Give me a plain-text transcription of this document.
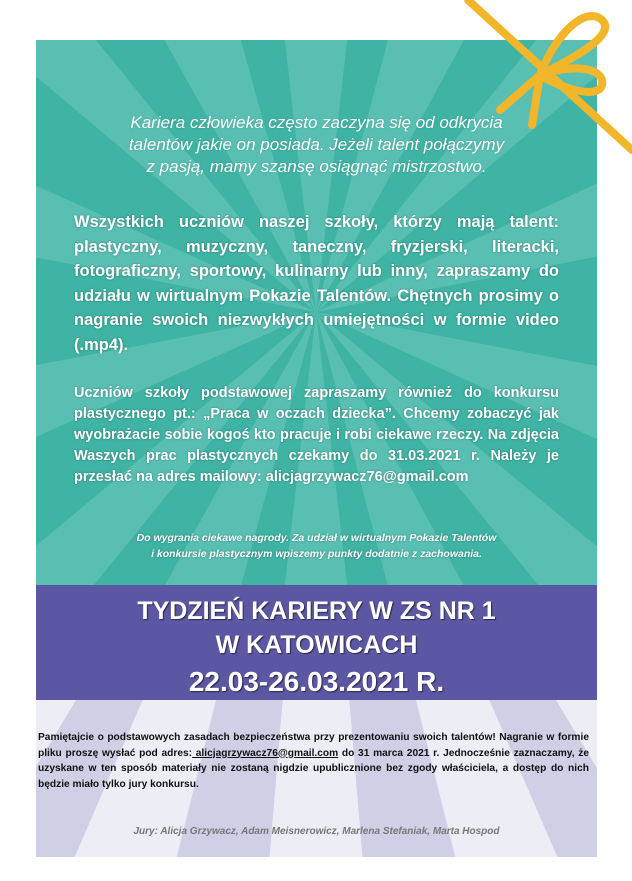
Kariera człowieka często zaczyna się od odkrycia
talentów jakie on posiada. Jeżeli talent połączymy
z pasją, mamy szansę osiągnąć mistrzostwo.
Wszystkich uczniów naszej szkoły, którzy mają talent: plastyczny, muzyczny, taneczny, fryzjerski, literacki, fotograficzny, sportowy, kulinarny lub inny, zapraszamy do udziału w wirtualnym Pokazie Talentów. Chętnych prosimy o nagranie swoich niezwykłych umiejętności w formie video (.mp4).
Uczniów szkoły podstawowej zapraszamy również do konkursu plastycznego pt.: „Praca w oczach dziecka”. Chcemy zobaczyć jak wyobrażacie sobie kogoś kto pracuje i robi ciekawe rzeczy. Na zdjęcia Waszych prac plastycznych czekamy do 31.03.2021 r. Należy je przesłać na adres mailowy: alicjagrzywacz76@gmail.com
Do wygrania ciekawe nagrody. Za udział w wirtualnym Pokazie Talentów
i konkursie plastycznym wpiszemy punkty dodatnie z zachowania.
TYDZIEŃ KARIERY W ZS NR 1
W KATOWICACH
22.03-26.03.2021 R.
Pamiętajcie o podstawowych zasadach bezpieczeństwa przy prezentowaniu swoich talentów! Nagranie w formie pliku proszę wysłać pod adres: alicjagrzywacz76@gmail.com do 31 marca 2021 r. Jednocześnie zaznaczamy, że uzyskane w ten sposób materiały nie zostaną nigdzie upublicznione bez zgody właściciela, a dostęp do nich będzie miało tylko jury konkursu.
Jury: Alicja Grzywacz, Adam Meisnerowicz, Marlena Stefaniak, Marta Hospod
